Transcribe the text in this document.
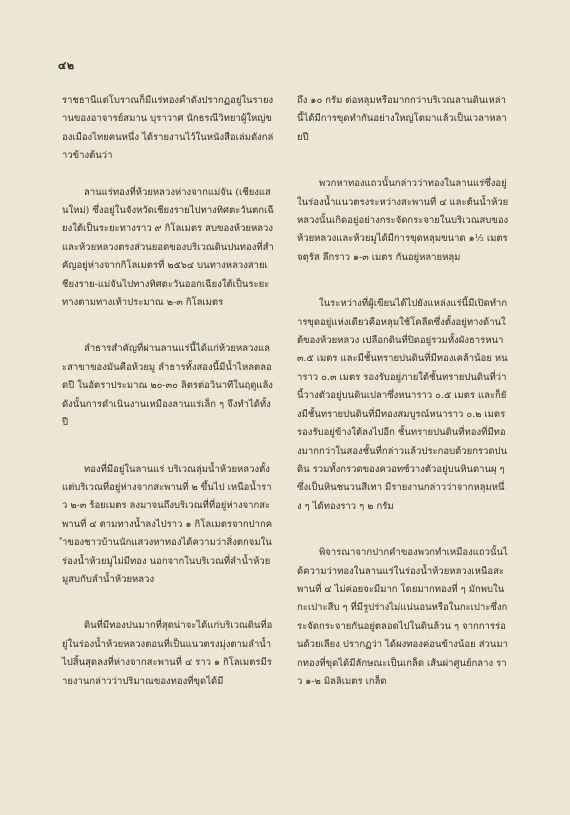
๔๒

ราชธานีแต่โบราณก็มีแร่ทองคำดังปรากฏอยู่ในรายงานของอาจารย์สมาน บุราวาศ นักธรณีวิทยาผู้ใหญ่ของเมืองไทยคนหนึ่ง ได้รายงานไว้ในหนังสือเล่มดังกล่าวข้างต้นว่า

ลานแร่ทองที่ห้วยหลวงห่างจากแม่จัน (เชียงแสนใหม่) ซึ่งอยู่ในจังหวัดเชียงรายไปทางทิศตะวันตกเฉียงใต้เป็นระยะทางราว ๙ กิโลเมตร สบของห้วยหลวงและห้วยหลวงตรงส่วนยอดของบริเวณดินปนทองที่สำคัญอยู่ห่างจากกิโลเมตรที่ ๒๕๖๔ บนทางหลวงสายเชียงราย-แม่จันไปทางทิศตะวันออกเฉียงใต้เป็นระยะทางตามทางเท้าประมาณ ๒-๓ กิโลเมตร

ลำธารสำคัญที่ผ่านลานแร่นี้ได้แก่ห้วยหลวงและสาขาของมันคือห้วยมู ลำธารทั้งสองนี้มีน้ำไหลตลอดปี ในอัตราประมาณ ๒๐-๓๐ ลิตรต่อวินาทีในฤดูแล้ง ดังนั้นการดำเนินงานเหมืองลานแร่เล็ก ๆ จึงทำได้ทั้งปี

ทองที่มีอยู่ในลานแร่ บริเวณลุ่มน้ำห้วยหลวงตั้งแต่บริเวณที่อยู่ห่างจากสะพานที่ ๒ ขึ้นไป เหนือน้ำราว ๒-๓ ร้อยเมตร ลงมาจนถึงบริเวณที่ที่อยู่ห่างจากสะพานที่ ๔ ตามทางน้ำลงไปราว ๑ กิโลเมตรจากปากคำของชาวบ้านนักแสวงหาทองได้ความว่าสิ่งตกจมในร่องน้ำห้วยมูไม่มีทอง นอกจากในบริเวณที่ลำน้ำห้วยมูสบกับลำน้ำห้วยหลวง

ดินที่มีทองปนมากที่สุดน่าจะได้แก่บริเวณดินที่อยู่ในร่องน้ำห้วยหลวงตอนที่เป็นแนวตรงมุ่งตามลำน้ำไปสิ้นสุดลงที่ห่างจากสะพานที่ ๔ ราว ๑ กิโลเมตรมีรายงานกล่าวว่าปริมาณของทองที่ขุดได้มี

ถึง ๑๐ กรัม ต่อหลุมหรือมากกว่าบริเวณลานดินเหล่านี้ได้มีการขุดทำกันอย่างใหญ่โตมาแล้วเป็นเวลาหลายปี

พวกหาทองแถวนั้นกล่าวว่าทองในลานแร่ซึ่งอยู่ในร่องน้ำแนวตรงระหว่างสะพานที่ ๔ และต้นน้ำห้วยหลวงนั้นเกิดอยู่อย่างกระจัดกระจายในบริเวณสบของห้วยหลวงและห้วยมูได้มีการขุดหลุมขนาด ๑½ เมตรจตุรัส ลึกราว ๑-๓ เมตร กันอยู่หลายหลุม

ในระหว่างที่ผู้เขียนได้ไปยังแหล่งแร่นี้มีเปิดทำการขุดอยู่แห่งเดียวคือหลุมใช้โคลีดซึ่งตั้งอยู่ทางด้านใต้ของห้วยหลวง เปลือกดินที่ปิดอยู่รวมทั้งผังธารหนา ๓.๕ เมตร และมีชั้นทรายปนดินที่มีทองเคล้าน้อย หนาราว ๐.๓ เมตร รองรับอยู่ภายใต้ชั้นทรายปนดินที่ว่านี้วางตัวอยู่บนดินเปลาซึ่งหนาราว ๐.๕ เมตร และก็ยังมีชั้นทรายปนดินที่มีทองสมบูรณ์หนาราว ๐.๒ เมตร รองรับอยู่ข้างใต้ลงไปอีก ชั้นทรายปนดินที่ทองที่มีทองมากกว่าในสองชั้นที่กล่าวแล้วประกอบด้วยกรวดปนดิน รวมทั้งกรวดของควอทซ์วางตัวอยู่บนหินดานผุ ๆ ซึ่งเป็นหินชนวนสีเทา มีรายงานกล่าวว่าจากหลุมหนึ่ง ๆ ได้ทองราว ๆ ๒ กรัม

พิจารณาจากปากคำของพวกทำเหมืองแถวนั้นได้ความว่าทองในลานแร่ในร่องน้ำห้วยหลวงเหนือสะพานที่ ๔ ไม่ค่อยจะมีมาก โดยมากทองที่ ๆ มักพบในกะเปาะสีบ ๆ ที่มีรูปร่างไม่แน่นอนหรือในกะเปาะซึ่งกระจัดกระจายกันอยู่ตลอดไปในดินล้วน ๆ จากการร่อนด้วยเลียง ปรากฏว่า ได้ผงทองค่อนข้างน้อย ส่วนมากทองที่ขุดได้มีลักษณะเป็นเกล็ด เส้นผ่าศูนย์กลาง ราว ๑-๒ มิลลิเมตร เกล็ด
